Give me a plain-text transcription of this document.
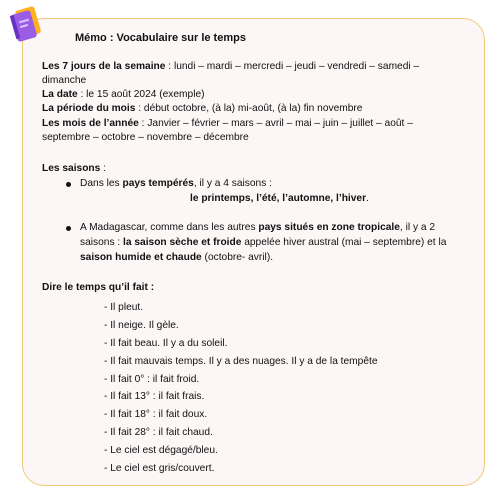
Mémo : Vocabulaire sur le temps
Les 7 jours de la semaine : lundi – mardi – mercredi – jeudi – vendredi – samedi –
dimanche
La date : le 15 août 2024 (exemple)
La période du mois : début octobre, (à la) mi-août, (à la) fin novembre
Les mois de l’année : Janvier – février – mars – avril – mai – juin – juillet – août –
septembre – octobre – novembre – décembre
Les saisons :
Dans les pays tempérés, il y a 4 saisons :
le printemps, l’été, l’automne, l’hiver.
A Madagascar, comme dans les autres pays situés en zone tropicale, il y a 2
saisons : la saison sèche et froide appelée hiver austral (mai – septembre) et la
saison humide et chaude (octobre- avril).
Dire le temps qu’il fait :
- Il pleut.
- Il neige. Il gèle.
- Il fait beau. Il y a du soleil.
- Il fait mauvais temps. Il y a des nuages. Il y a de la tempête
- Il fait 0° : il fait froid.
- Il fait 13° : il fait frais.
- Il fait 18° : il fait doux.
- Il fait 28° : il fait chaud.
- Le ciel est dégagé/bleu.
- Le ciel est gris/couvert.
